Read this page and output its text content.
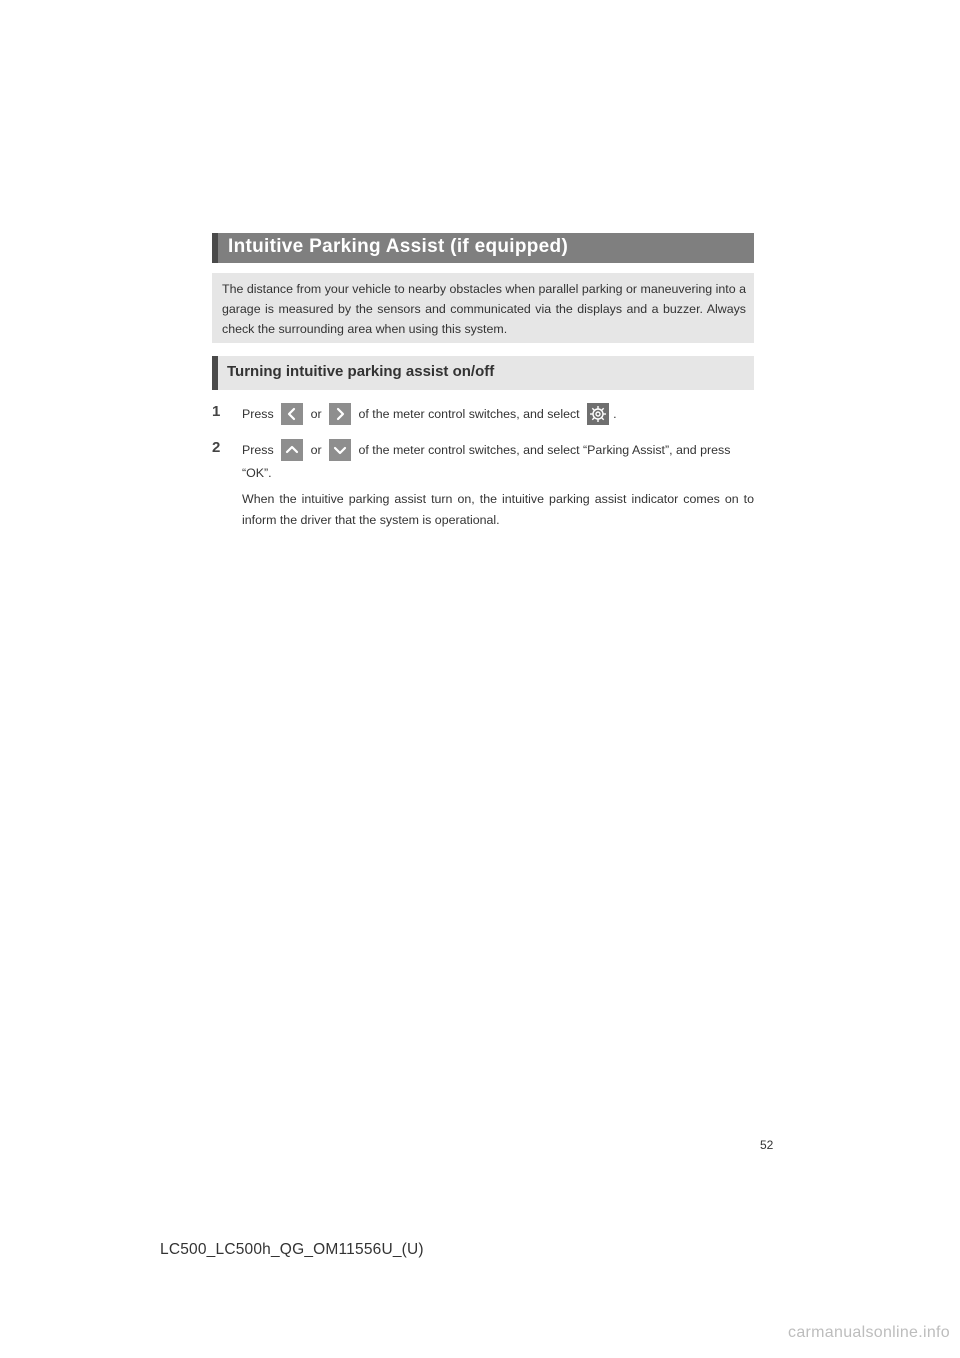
Intuitive Parking Assist (if equipped)

The distance from your vehicle to nearby obstacles when parallel parking or maneuvering into a garage is measured by the sensors and communicated via the displays and a buzzer. Always check the surrounding area when using this system.

Turning intuitive parking assist on/off
1 Press	or	of the meter control switches, and select	.
2 Press	or	of the meter control switches, and select “Parking Assist”, and press “OK”.
When the intuitive parking assist turn on, the intuitive parking assist indicator comes on to inform the driver that the system is operational.
52
LC500_LC500h_QG_OM11556U_(U)
carmanualsonline.info
